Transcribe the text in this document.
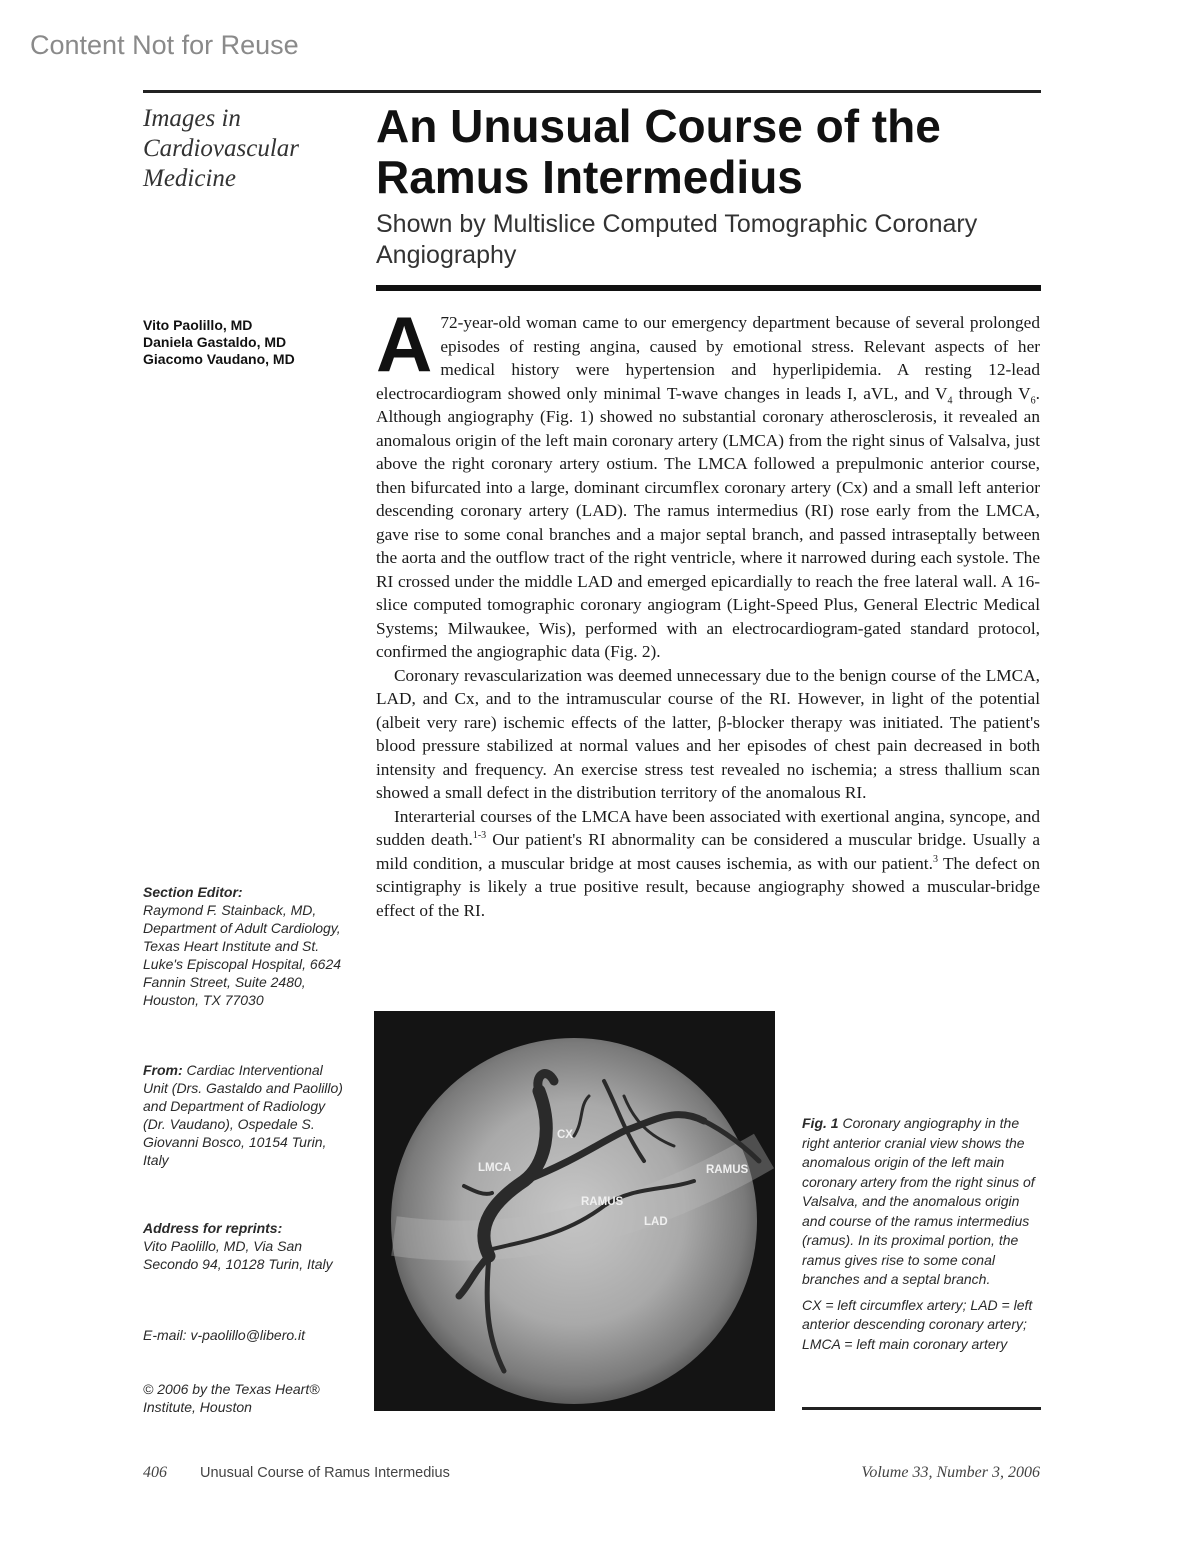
Content Not for Reuse
Images in Cardiovascular Medicine
An Unusual Course of the Ramus Intermedius
Shown by Multislice Computed Tomographic Coronary Angiography
Vito Paolillo, MD
Daniela Gastaldo, MD
Giacomo Vaudano, MD	A 72-year-old woman came to our emergency department because of several prolonged episodes of resting angina, caused by emotional stress. Relevant aspects of her medical history were hypertension and hyperlipidemia. A resting 12-lead electrocardiogram showed only minimal T-wave changes in leads I, aVL, and $V_4$ through $V_6$. Although angiography (Fig. 1) showed no substantial coronary atherosclerosis, it revealed an anomalous origin of the left main coronary artery (LMCA) from the right sinus of Valsalva, just above the right coronary artery ostium. The LMCA followed a prepulmonic anterior course, then bifurcated into a large, dominant circumflex coronary artery (Cx) and a small left anterior descending coronary artery (LAD). The ramus intermedius (RI) rose early from the LMCA, gave rise to some conal branches and a major septal branch, and passed intraseptally between the aorta and the outflow tract of the right ventricle, where it narrowed during each systole. The RI crossed under the middle LAD and emerged epicardially to reach the free lateral wall. A 16-slice computed tomographic coronary angiogram (Light-Speed Plus, General Electric Medical Systems; Milwaukee, Wis), performed with an electrocardiogram-gated standard protocol, confirmed the angiographic data (Fig. 2).

Coronary revascularization was deemed unnecessary due to the benign course of the LMCA, LAD, and Cx, and to the intramuscular course of the RI. However, in light of the potential (albeit very rare) ischemic effects of the latter, β-blocker therapy was initiated. The patient's blood pressure stabilized at normal values and her episodes of chest pain decreased in both intensity and frequency. An exercise stress test revealed no ischemia; a stress thallium scan showed a small defect in the distribution territory of the anomalous RI.

Interarterial courses of the LMCA have been associated with exertional angina, syncope, and sudden death.$^{1-3}$ Our patient's RI abnormality can be considered a muscular bridge. Usually a mild condition, a muscular bridge at most causes ischemia, as with our patient.$^3$ The defect on scintigraphy is likely a true positive result, because angiography showed a muscular-bridge effect of the RI.

Section Editor:
Raymond F. Stainback, MD, Department of Adult Cardiology, Texas Heart Institute and St. Luke's Episcopal Hospital, 6624 Fannin Street, Suite 2480, Houston, TX 77030
From: Cardiac Interventional Unit (Drs. Gastaldo and Paolillo) and Department of Radiology (Dr. Vaudano), Ospedale S. Giovanni Bosco, 10154 Turin, Italy
Address for reprints:
Vito Paolillo, MD, Via San Secondo 94, 10128 Turin, Italy
E-mail: v-paolillo@libero.it
© 2006 by the Texas Heart® Institute, Houston
CX
LMCA	RAMUS
RAMUS
LAD

Fig. 1 Coronary angiography in the right anterior cranial view shows the anomalous origin of the left main coronary artery from the right sinus of Valsalva, and the anomalous origin and course of the ramus intermedius (ramus). In its proximal portion, the ramus gives rise to some conal branches and a septal branch.

CX = left circumflex artery; LAD = left anterior descending coronary artery; LMCA = left main coronary artery

406 Unusual Course of Ramus Intermedius	Volume 33, Number 3, 2006
